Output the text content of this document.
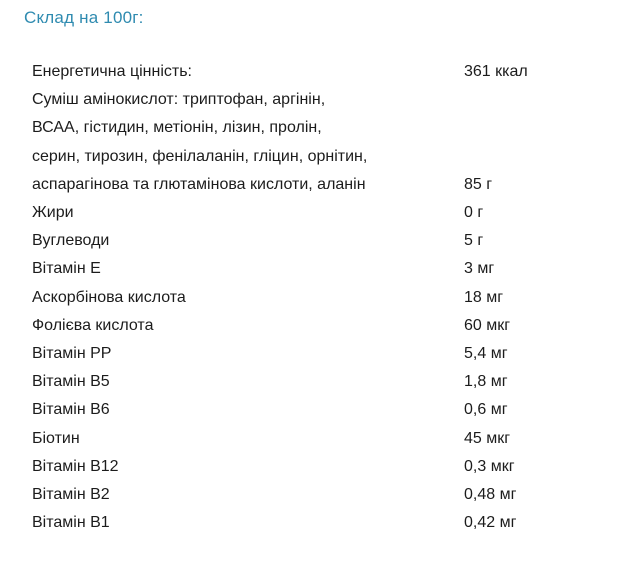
Склад на 100г:
Енергетична цінність:	361 ккал
Суміш амінокислот: триптофан, аргінін,
ВСАА, гістидин, метіонін, лізин, пролін,
серин, тирозин, фенілаланін, гліцин, орнітин,
аспарагінова та глютамінова кислоти, аланін	85 г
Жири	0 г
Вуглеводи	5 г
Вітамін Е	3 мг
Аскорбінова кислота	18 мг
Фолієва кислота	60 мкг
Вітамін РР	5,4 мг
Вітамін В5	1,8 мг
Вітамін В6	0,6 мг
Біотин	45 мкг
Вітамін В12	0,3 мкг
Вітамін В2	0,48 мг
Вітамін В1	0,42 мг
